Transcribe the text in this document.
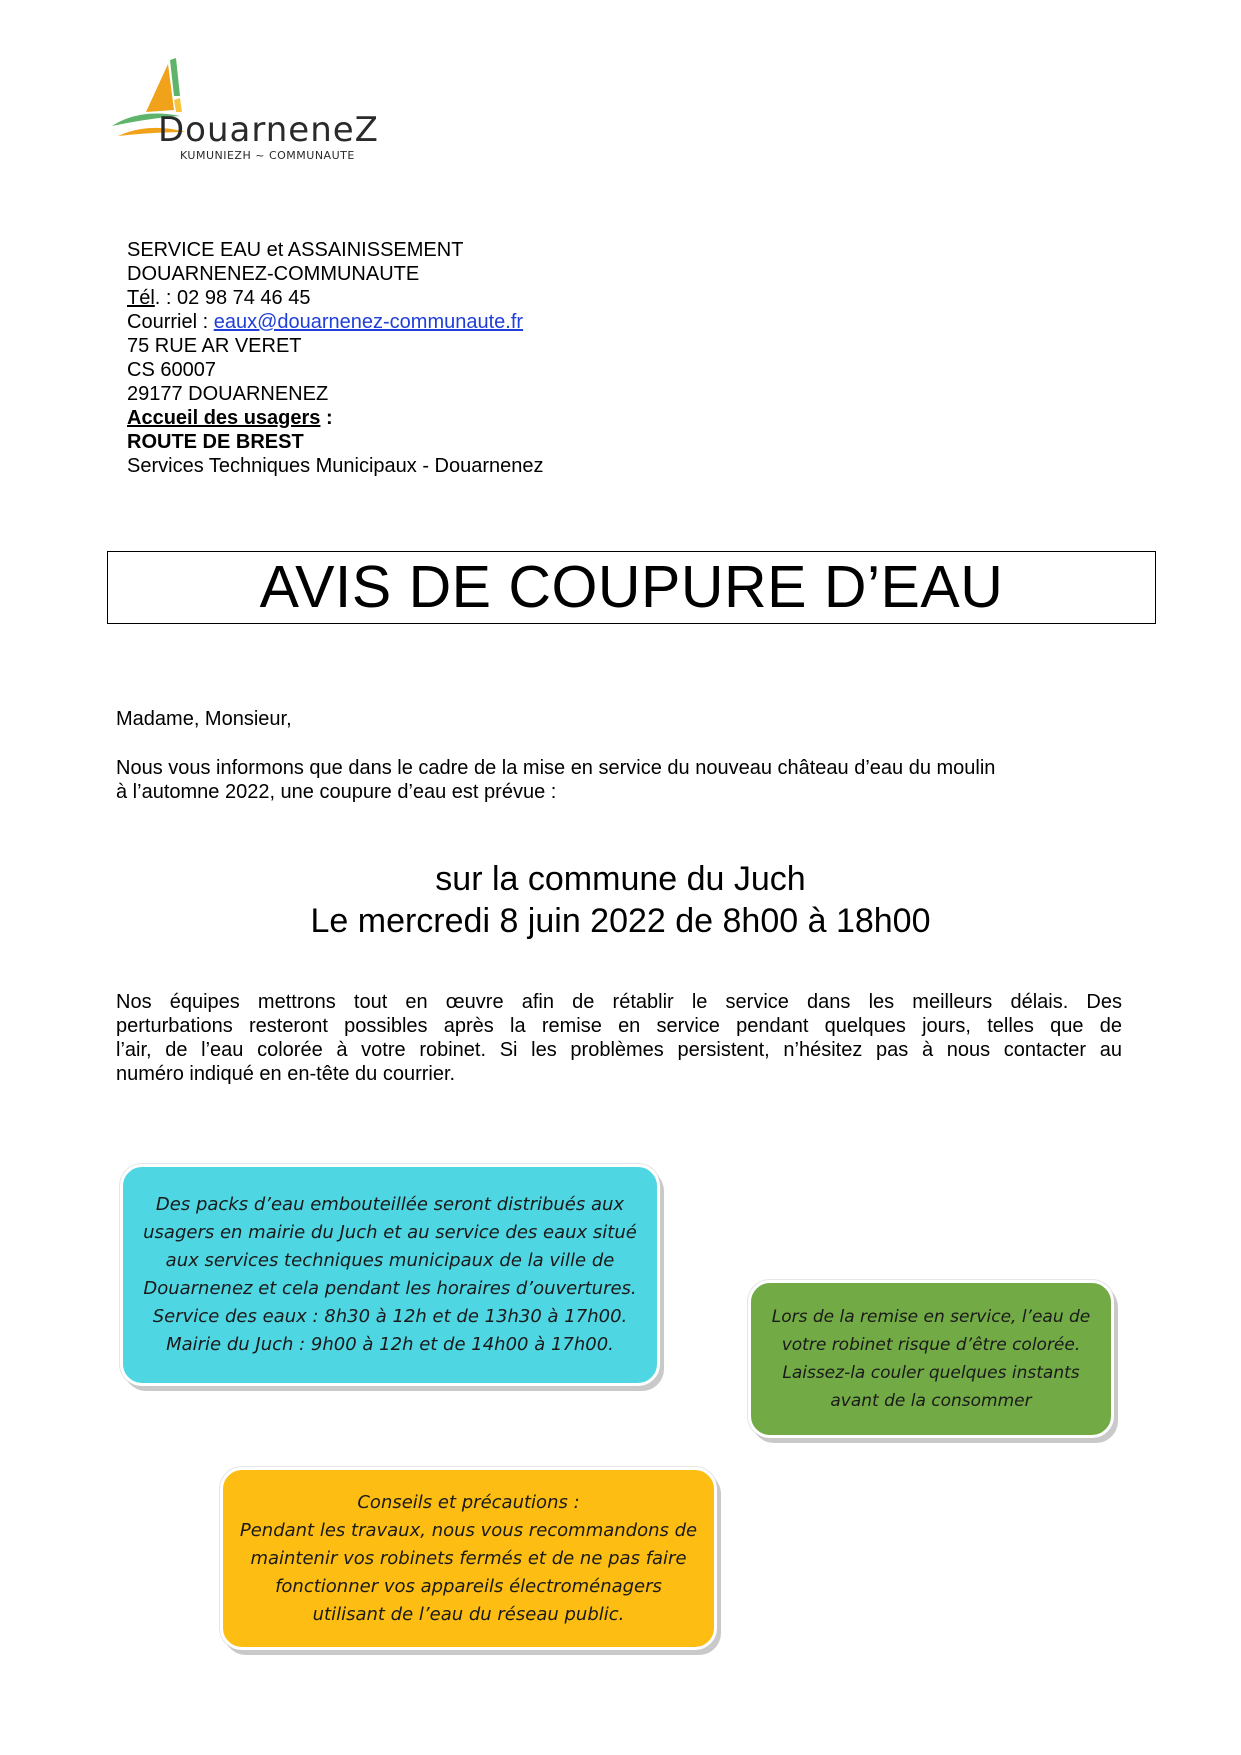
DouarneneZ
KUMUNIEZH ~ COMMUNAUTE
SERVICE EAU et ASSAINISSEMENT
DOUARNENEZ-COMMUNAUTE
Tél. : 02 98 74 46 45
Courriel : eaux@douarnenez-communaute.fr
75 RUE AR VERET
CS 60007
29177 DOUARNENEZ
Accueil des usagers :
ROUTE DE BREST
Services Techniques Municipaux - Douarnenez
AVIS DE COUPURE D’EAU
Madame, Monsieur,
Nous vous informons que dans le cadre de la mise en service du nouveau château d’eau du moulin
à l’automne 2022, une coupure d’eau est prévue :
sur la commune du Juch
Le mercredi 8 juin 2022 de 8h00 à 18h00
Nos équipes mettrons tout en œuvre afin de rétablir le service dans les meilleurs délais. Des
perturbations resteront possibles après la remise en service pendant quelques jours, telles que de
l’air, de l’eau colorée à votre robinet. Si les problèmes persistent, n’hésitez pas à nous contacter au
numéro indiqué en en-tête du courrier.
Des packs d’eau embouteillée seront distribués aux
usagers en mairie du Juch et au service des eaux situé
aux services techniques municipaux de la ville de
Douarnenez et cela pendant les horaires d’ouvertures.
Service des eaux : 8h30 à 12h et de 13h30 à 17h00.
Mairie du Juch : 9h00 à 12h et de 14h00 à 17h00.
Lors de la remise en service, l’eau de
votre robinet risque d’être colorée.
Laissez-la couler quelques instants
avant de la consommer
Conseils et précautions :
Pendant les travaux, nous vous recommandons de
maintenir vos robinets fermés et de ne pas faire
fonctionner vos appareils électroménagers
utilisant de l’eau du réseau public.
